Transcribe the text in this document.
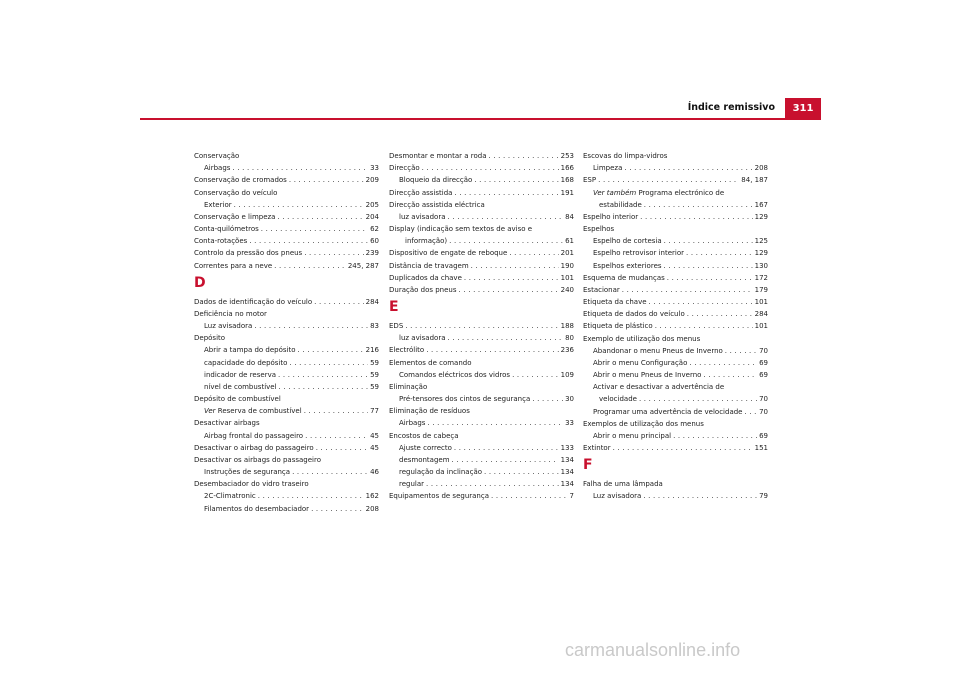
Índice remissivo	311
Conservação
Airbags . . .	33
Conservação de cromados . . .	209
Conservação do veículo
Exterior . . .	205
Conservação e limpeza . . .	204
Conta-quilómetros . . .	62
Conta-rotações . . .	60
Controlo da pressão dos pneus . . .	239
Correntes para a neve . . .	245, 287
D
Dados de identificação do veículo . . .	284
Deficiência no motor
Luz avisadora . . .	83
Depósito
Abrir a tampa do depósito . . .	216
capacidade do depósito . . .	59
indicador de reserva . . .	59
nível de combustível . . .	59
Depósito de combustível
Ver Reserva de combustível . . .	77
Desactivar airbags
Airbag frontal do passageiro . . .	45
Desactivar o airbag do passageiro . . .	45
Desactivar os airbags do passageiro
Instruções de segurança . . .	46
Desembaciador do vidro traseiro
2C-Climatronic . . .	162
Filamentos do desembaciador . . .	208
Desmontar e montar a roda . . .	253
Direcção . . .	166
Bloqueio da direcção . . .	168
Direcção assistida . . .	191
Direcção assistida eléctrica
luz avisadora . . .	84
Display (indicação sem textos de aviso e
informação) . . .	61
Dispositivo de engate de reboque . . .	201
Distância de travagem . . .	190
Duplicados da chave . . .	101
Duração dos pneus . . .	240
E
EDS . . .	188
luz avisadora . . .	80
Electrólito . . .	236
Elementos de comando
Comandos eléctricos dos vidros . . .	109
Eliminação
Pré-tensores dos cintos de segurança . . .	30
Eliminação de resíduos
Airbags . . .	33
Encostos de cabeça
Ajuste correcto . . .	133
desmontagem . . .	134
regulação da inclinação . . .	134
regular . . .	134
Equipamentos de segurança . . .	7
Escovas do limpa-vidros
Limpeza . . .	208
ESP . . .	84, 187
Ver também Programa electrónico de
estabilidade . . .	167
Espelho interior . . .	129
Espelhos
Espelho de cortesia . . .	125
Espelho retrovisor interior . . .	129
Espelhos exteriores . . .	130
Esquema de mudanças . . .	172
Estacionar . . .	179
Etiqueta da chave . . .	101
Etiqueta de dados do veículo . . .	284
Etiqueta de plástico . . .	101
Exemplo de utilização dos menus
Abandonar o menu Pneus de Inverno . . .	70
Abrir o menu Configuração . . .	69
Abrir o menu Pneus de Inverno . . .	69
Activar e desactivar a advertência de
velocidade . . .	70
Programar uma advertência de velocidade . . .	70
Exemplos de utilização dos menus
Abrir o menu principal . . .	69
Extintor . . .	151
F
Falha de uma lâmpada
Luz avisadora . . .	79
carmanualsonline.info
